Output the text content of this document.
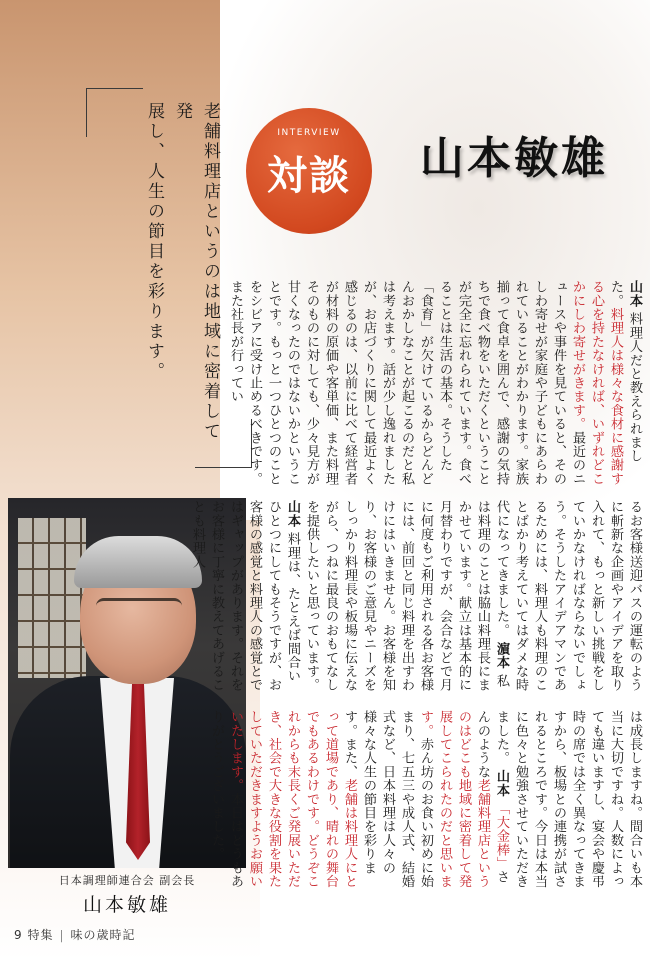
老舗料理店というのは地域に密着して発
展し、人生の節目を彩ります。	INTERVIEW
対談	山本敏雄
日本調理師連合会 副会長
山本敏雄
山本 料理人だと教えられました。料理人は様々な食材に感謝する心を持たなければ、いずれどこかにしわ寄せがきます。最近のニュースや事件を見ていると、そのしわ寄せが家庭や子どもにあらわれていることがわかります。家族揃って食卓を囲んで、感謝の気持ちで食べ物をいただくということが完全に忘れられています。食べることは生活の基本。そうした「食育」が欠けているからどんどんおかしなことが起こるのだと私は考えます。話が少し逸れましたが、お店づくりに関して最近よく感じるのは、以前に比べて経営者が材料の原価や客単価、また料理そのものに対しても、少々見方が甘くなったのではないかということです。もっと一つひとつのことをシビアに受け止めるべきです。また社長が行ってい
るお客様送迎バスの運転のように斬新な企画やアイデアを取り入れて、もっと新しい挑戦をしていかなければならないでしょう。そうしたアイデアマンであるためには、料理人も料理のことばかり考えていてはダメな時代になってきました。 濵本 私は料理のことは脇山料理長にまかせています。献立は基本的に月替わりですが、会合などで月に何度もご利用される各お客様には、前回と同じ料理を出すわけにはいきません。お客様を知り、お客様のご意見やニーズをしっかり料理長や板場に伝えながら、つねに最良のおもてなしを提供したいと思っています。 山本 料理は、たとえば間合いひとつにしてもそうですが、お客様の感覚と料理人の感覚とではギャップがあります。それをお客様に丁寧に教えてあげることも料理人
は成長しますね。間合いも本当に大切ですね。人数によっても違いますし、宴会や慶弔時の席では全く異なってきますから、板場との連携が試されるところです。今日は本当に色々と勉強させていただきました。 山本 「大金棒」さんのような老舗料理店というのはどこも地域に密着して発展してこられたのだと思います。赤ん坊のお食い初めに始まり、七五三や成人式、結婚式など、日本料理は人々の様々な人生の節目を彩ります。また、老舗は料理人にとって道場であり、晴れの舞台でもあるわけです。どうぞこれからも末長くご発展いただき、社会で大きな役割を果たしていただきますようお願いいたします。本日はどうもありがとうございました。
9 特集 | 味の歳時記
